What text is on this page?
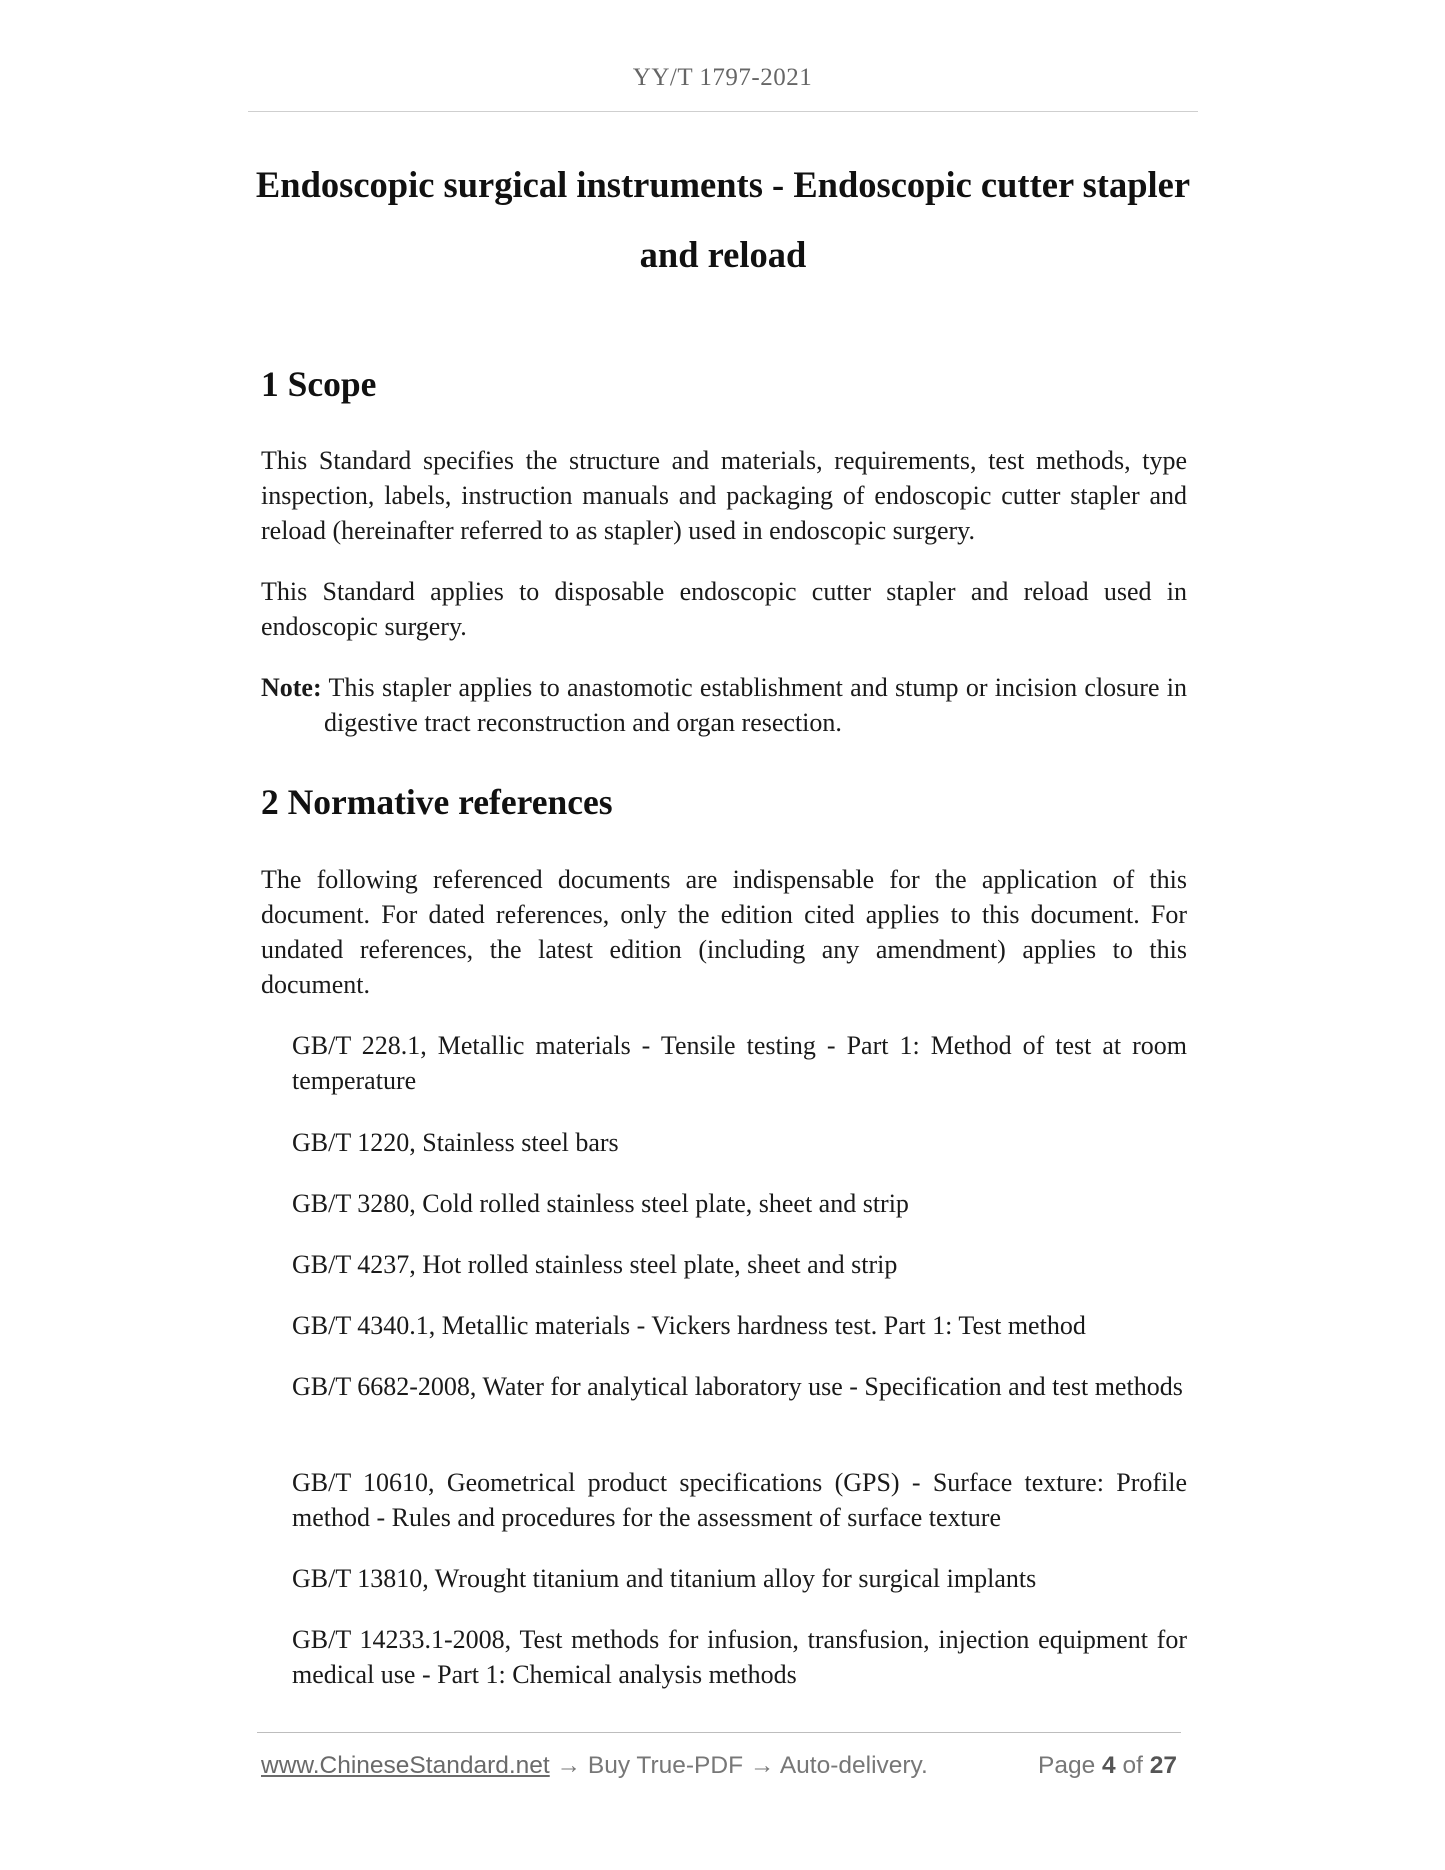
YY/T 1797-2021
Endoscopic surgical instruments - Endoscopic cutter stapler
and reload
1 Scope

This Standard specifies the structure and materials, requirements, test methods, type inspection, labels, instruction manuals and packaging of endoscopic cutter stapler and reload (hereinafter referred to as stapler) used in endoscopic surgery.

This Standard applies to disposable endoscopic cutter stapler and reload used in endoscopic surgery.

Note: This stapler applies to anastomotic establishment and stump or incision closure in digestive tract reconstruction and organ resection.

2 Normative references

The following referenced documents are indispensable for the application of this document. For dated references, only the edition cited applies to this document. For undated references, the latest edition (including any amendment) applies to this document.

GB/T 228.1, Metallic materials - Tensile testing - Part 1: Method of test at room temperature

GB/T 1220, Stainless steel bars

GB/T 3280, Cold rolled stainless steel plate, sheet and strip

GB/T 4237, Hot rolled stainless steel plate, sheet and strip

GB/T 4340.1, Metallic materials - Vickers hardness test. Part 1: Test method

GB/T 6682-2008, Water for analytical laboratory use - Specification and test methods

GB/T 10610, Geometrical product specifications (GPS) - Surface texture: Profile method - Rules and procedures for the assessment of surface texture

GB/T 13810, Wrought titanium and titanium alloy for surgical implants

GB/T 14233.1-2008, Test methods for infusion, transfusion, injection equipment for medical use - Part 1: Chemical analysis methods

www.ChineseStandard.net → Buy True-PDF → Auto-delivery.	Page 4 of 27
